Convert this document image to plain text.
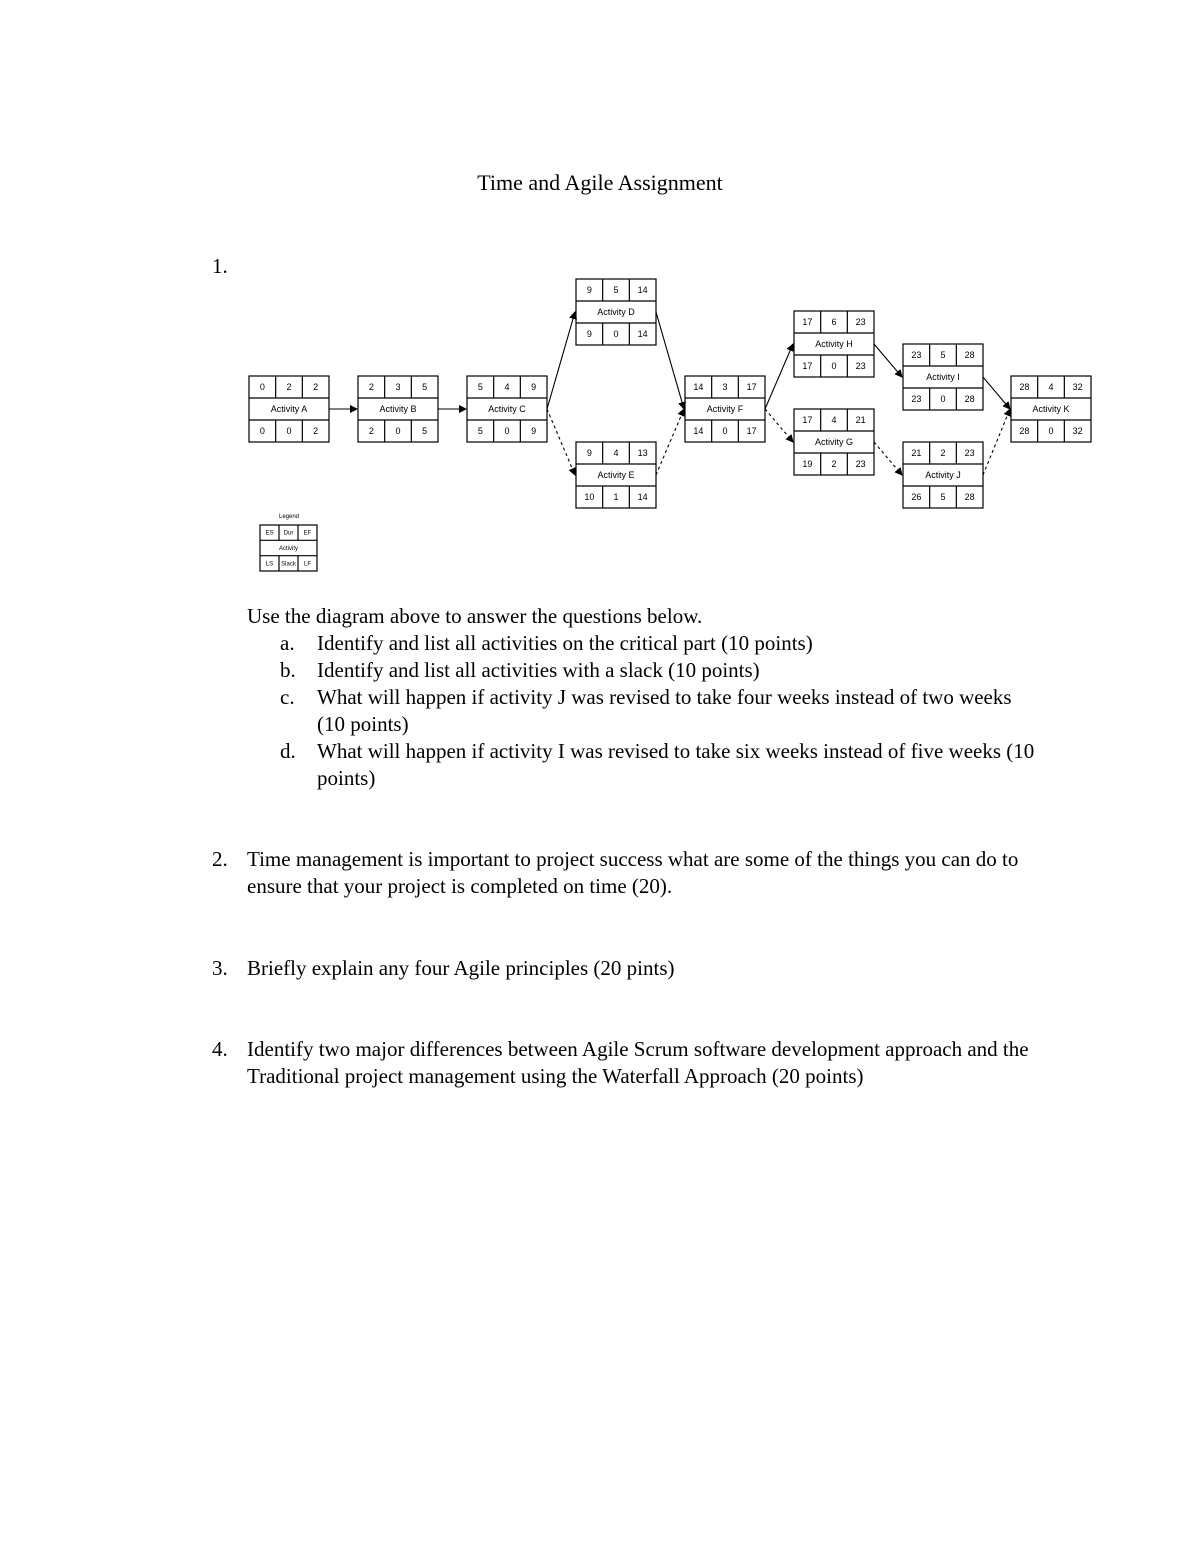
Time and Agile Assignment
1.
0 2 2
Activity A
0 0 2
2 3 5
Activity B
2 0 5
5 4 9
Activity C
5 0 9
9 5 14
Activity D
9 0 14
9 4 13
Activity E
10 1 14
14 3 17
Activity F
14 0 17
17 6 23
Activity H
17 0 23
17 4 21
Activity G
19 2 23
23 5 28
Activity I
23 0 28
21 2 23
Activity J
26 5 28
28 4 32
Activity K
28 0 32
Legend
ES Dur EF
Activity
LS Slack LF
Use the diagram above to answer the questions below.
a.	Identify and list all activities on the critical part (10 points)
b.	Identify and list all activities with a slack (10 points)
c.	What will happen if activity J was revised to take four weeks instead of two weeks (10 points)
d.	What will happen if activity I was revised to take six weeks instead of five weeks (10 points)
2. Time management is important to project success what are some of the things you can do to ensure that your project is completed on time (20).
3. Briefly explain any four Agile principles (20 pints)
4. Identify two major differences between Agile Scrum software development approach and the Traditional project management using the Waterfall Approach (20 points)
